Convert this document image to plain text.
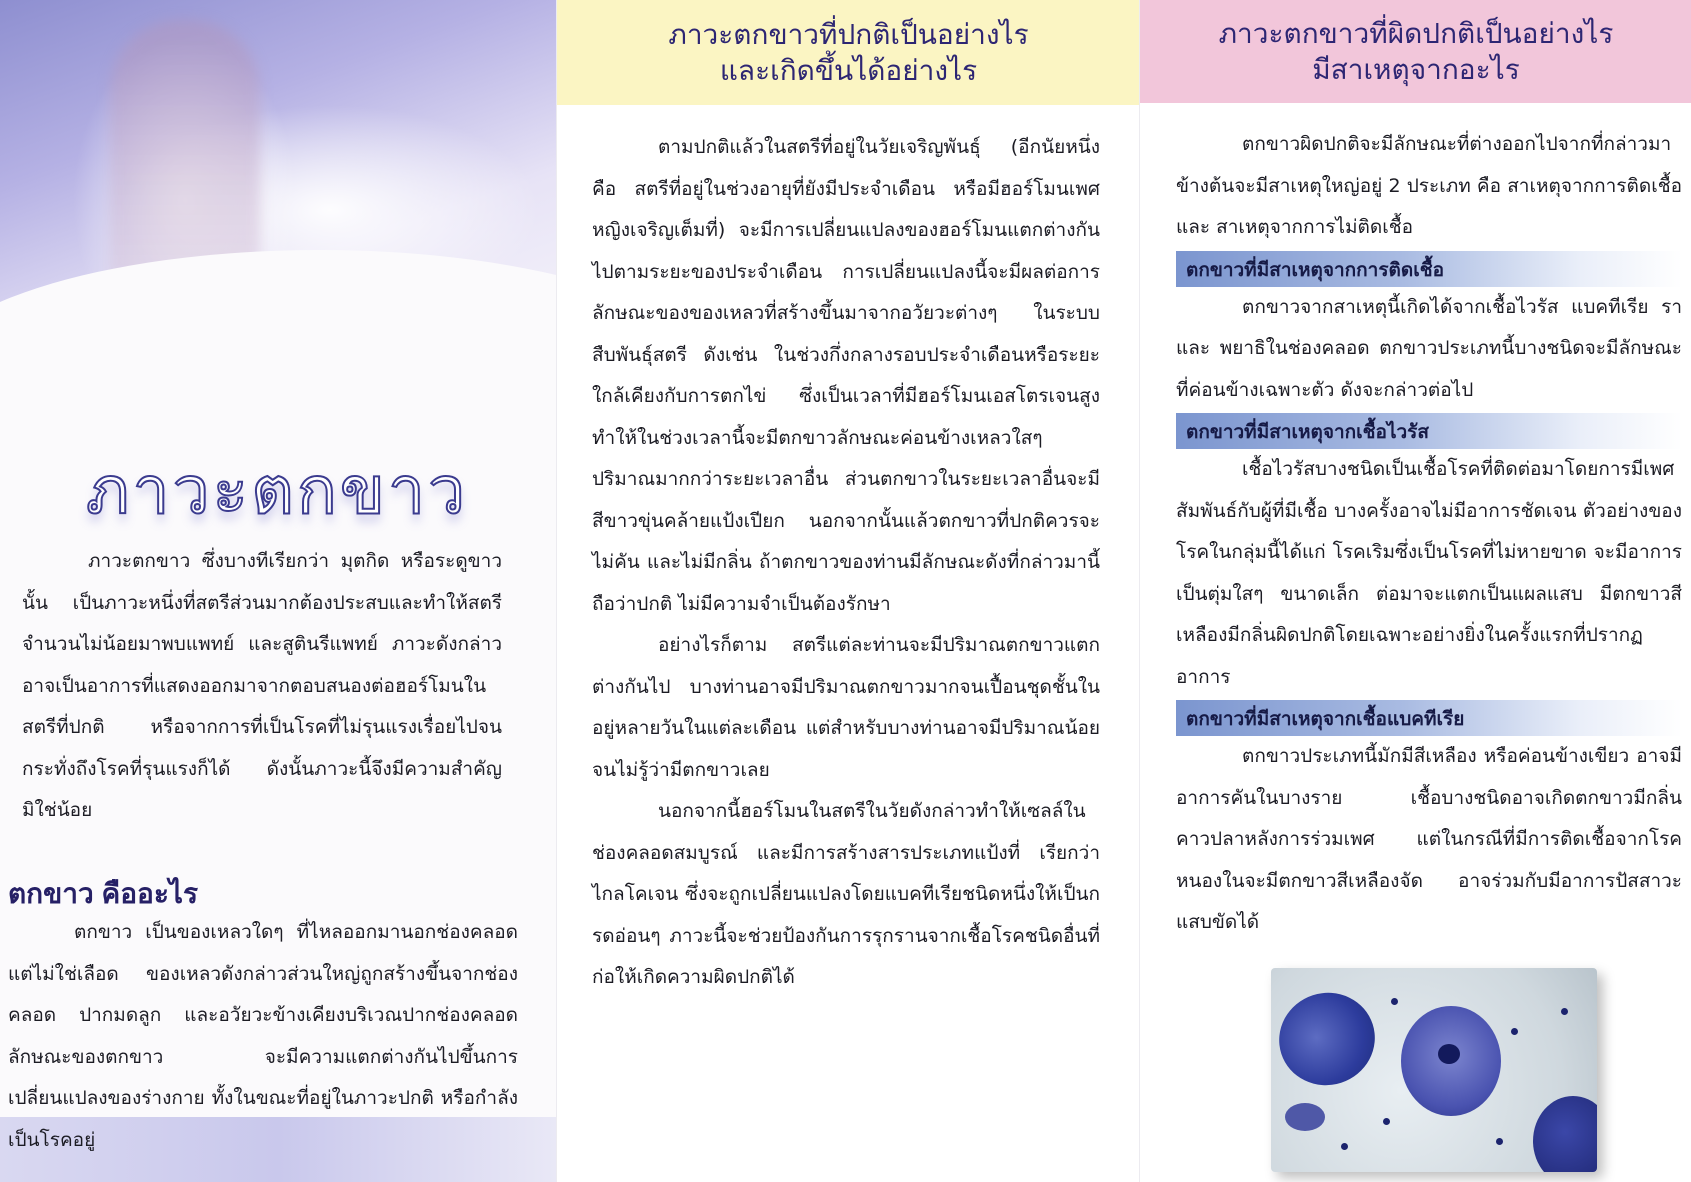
ภาวะตกขาว

ภาวะตกขาว ซึ่งบางทีเรียกว่า มุตกิด หรือระดูขาวนั้น เป็นภาวะหนึ่งที่สตรีส่วนมากต้องประสบและทำให้สตรีจำนวนไม่น้อยมาพบแพทย์ และสูตินรีแพทย์ ภาวะดังกล่าวอาจเป็นอาการที่แสดงออกมาจากตอบสนองต่อฮอร์โมนในสตรีที่ปกติ หรือจากการที่เป็นโรคที่ไม่รุนแรงเรื่อยไปจนกระทั่งถึงโรคที่รุนแรงก็ได้ ดังนั้นภาวะนี้จึงมีความสำคัญมิใช่น้อย

ตกขาว คืออะไร

ตกขาว เป็นของเหลวใดๆ ที่ไหลออกมานอกช่องคลอด แต่ไม่ใช่เลือด ของเหลวดังกล่าวส่วนใหญ่ถูกสร้างขึ้นจากช่องคลอด ปากมดลูก และอวัยวะข้างเคียงบริเวณปากช่องคลอด ลักษณะของตกขาว จะมีความแตกต่างกันไปขึ้นการเปลี่ยนแปลงของร่างกาย ทั้งในขณะที่อยู่ในภาวะปกติ หรือกำลังเป็นโรคอยู่

ภาวะตกขาวที่ปกติเป็นอย่างไร
และเกิดขึ้นได้อย่างไร

ตามปกติแล้วในสตรีที่อยู่ในวัยเจริญพันธุ์ (อีกนัยหนึ่งคือ สตรีที่อยู่ในช่วงอายุที่ยังมีประจำเดือน หรือมีฮอร์โมนเพศหญิงเจริญเต็มที่) จะมีการเปลี่ยนแปลงของฮอร์โมนแตกต่างกันไปตามระยะของประจำเดือน การเปลี่ยนแปลงนี้จะมีผลต่อการลักษณะของของเหลวที่สร้างขึ้นมาจากอวัยวะต่างๆ ในระบบสืบพันธุ์สตรี ดังเช่น ในช่วงกึ่งกลางรอบประจำเดือนหรือระยะใกล้เคียงกับการตกไข่ ซึ่งเป็นเวลาที่มีฮอร์โมนเอสโตรเจนสูง ทำให้ในช่วงเวลานี้จะมีตกขาวลักษณะค่อนข้างเหลวใสๆ ปริมาณมากกว่าระยะเวลาอื่น ส่วนตกขาวในระยะเวลาอื่นจะมีสีขาวขุ่นคล้ายแป้งเปียก นอกจากนั้นแล้วตกขาวที่ปกติควรจะไม่คัน และไม่มีกลิ่น ถ้าตกขาวของท่านมีลักษณะดังที่กล่าวมานี้ถือว่าปกติ ไม่มีความจำเป็นต้องรักษา

อย่างไรก็ตาม สตรีแต่ละท่านจะมีปริมาณตกขาวแตกต่างกันไป บางท่านอาจมีปริมาณตกขาวมากจนเปื้อนชุดชั้นในอยู่หลายวันในแต่ละเดือน แต่สำหรับบางท่านอาจมีปริมาณน้อยจนไม่รู้ว่ามีตกขาวเลย

นอกจากนี้ฮอร์โมนในสตรีในวัยดังกล่าวทำให้เซลล์ในช่องคลอดสมบูรณ์ และมีการสร้างสารประเภทแป้งที่ เรียกว่าไกลโคเจน ซึ่งจะถูกเปลี่ยนแปลงโดยแบคทีเรียชนิดหนึ่งให้เป็นกรดอ่อนๆ ภาวะนี้จะช่วยป้องกันการรุกรานจากเชื้อโรคชนิดอื่นที่ก่อให้เกิดความผิดปกติได้

ภาวะตกขาวที่ผิดปกติเป็นอย่างไร
มีสาเหตุจากอะไร

ตกขาวผิดปกติจะมีลักษณะที่ต่างออกไปจากที่กล่าวมาข้างต้นจะมีสาเหตุใหญ่อยู่ 2 ประเภท คือ สาเหตุจากการติดเชื้อ และ สาเหตุจากการไม่ติดเชื้อ

ตกขาวที่มีสาเหตุจากการติดเชื้อ

ตกขาวจากสาเหตุนี้เกิดได้จากเชื้อไวรัส แบคทีเรีย รา และ พยาธิในช่องคลอด ตกขาวประเภทนี้บางชนิดจะมีลักษณะที่ค่อนข้างเฉพาะตัว ดังจะกล่าวต่อไป

ตกขาวที่มีสาเหตุจากเชื้อไวรัส

เชื้อไวรัสบางชนิดเป็นเชื้อโรคที่ติดต่อมาโดยการมีเพศสัมพันธ์กับผู้ที่มีเชื้อ บางครั้งอาจไม่มีอาการชัดเจน ตัวอย่างของโรคในกลุ่มนี้ได้แก่ โรคเริมซึ่งเป็นโรคที่ไม่หายขาด จะมีอาการเป็นตุ่มใสๆ ขนาดเล็ก ต่อมาจะแตกเป็นแผลแสบ มีตกขาวสีเหลืองมีกลิ่นผิดปกติโดยเฉพาะอย่างยิ่งในครั้งแรกที่ปรากฏอาการ

ตกขาวที่มีสาเหตุจากเชื้อแบคทีเรีย

ตกขาวประเภทนี้มักมีสีเหลือง หรือค่อนข้างเขียว อาจมีอาการคันในบางราย เชื้อบางชนิดอาจเกิดตกขาวมีกลิ่นคาวปลาหลังการร่วมเพศ แต่ในกรณีที่มีการติดเชื้อจากโรคหนองในจะมีตกขาวสีเหลืองจัด อาจร่วมกับมีอาการปัสสาวะแสบขัดได้
